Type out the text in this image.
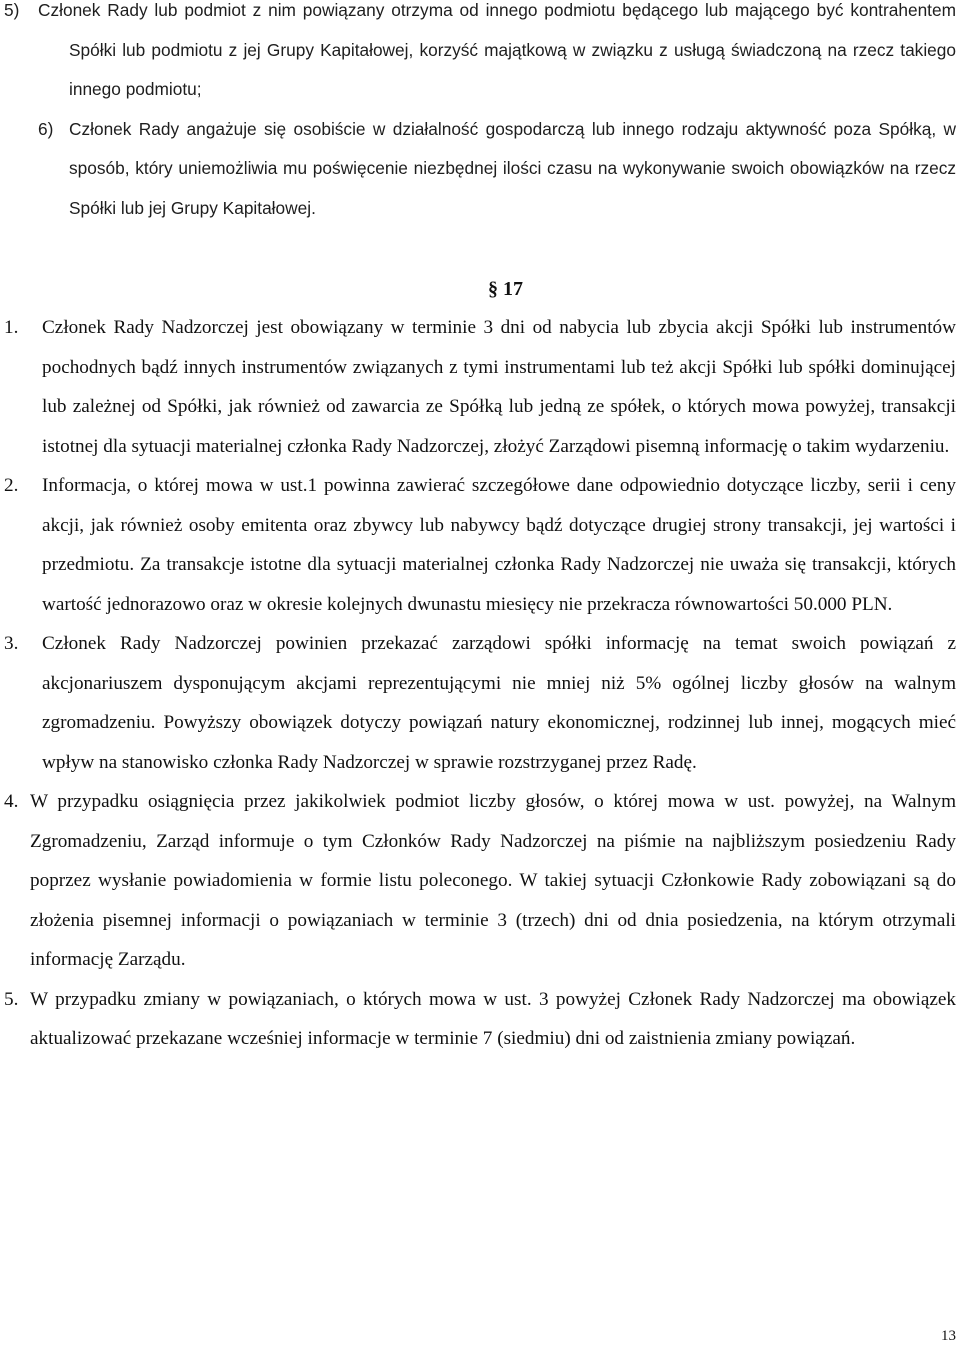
5) Członek Rady lub podmiot z nim powiązany otrzyma od innego podmiotu będącego lub mającego być kontrahentem Spółki lub podmiotu z jej Grupy Kapitałowej, korzyść majątkową w związku z usługą świadczoną na rzecz takiego innego podmiotu;
6) Członek Rady angażuje się osobiście w działalność gospodarczą lub innego rodzaju aktywność poza Spółką, w sposób, który uniemożliwia mu poświęcenie niezbędnej ilości czasu na wykonywanie swoich obowiązków na rzecz Spółki lub jej Grupy Kapitałowej.
§ 17
1. Członek Rady Nadzorczej jest obowiązany w terminie 3 dni od nabycia lub zbycia akcji Spółki lub instrumentów pochodnych bądź innych instrumentów związanych z tymi instrumentami lub też akcji Spółki lub spółki dominującej lub zależnej od Spółki, jak również od zawarcia ze Spółką lub jedną ze spółek, o których mowa powyżej, transakcji istotnej dla sytuacji materialnej członka Rady Nadzorczej, złożyć Zarządowi pisemną informację o takim wydarzeniu.
2. Informacja, o której mowa w ust.1 powinna zawierać szczegółowe dane odpowiednio dotyczące liczby, serii i ceny akcji, jak również osoby emitenta oraz zbywcy lub nabywcy bądź dotyczące drugiej strony transakcji, jej wartości i przedmiotu. Za transakcje istotne dla sytuacji materialnej członka Rady Nadzorczej nie uważa się transakcji, których wartość jednorazowo oraz w okresie kolejnych dwunastu miesięcy nie przekracza równowartości 50.000 PLN.
3. Członek Rady Nadzorczej powinien przekazać zarządowi spółki informację na temat swoich powiązań z akcjonariuszem dysponującym akcjami reprezentującymi nie mniej niż 5% ogólnej liczby głosów na walnym zgromadzeniu. Powyższy obowiązek dotyczy powiązań natury ekonomicznej, rodzinnej lub innej, mogących mieć wpływ na stanowisko członka Rady Nadzorczej w sprawie rozstrzyganej przez Radę.
4. W przypadku osiągnięcia przez jakikolwiek podmiot liczby głosów, o której mowa w ust. powyżej, na Walnym Zgromadzeniu, Zarząd informuje o tym Członków Rady Nadzorczej na piśmie na najbliższym posiedzeniu Rady poprzez wysłanie powiadomienia w formie listu poleconego. W takiej sytuacji Członkowie Rady zobowiązani są do złożenia pisemnej informacji o powiązaniach w terminie 3 (trzech) dni od dnia posiedzenia, na którym otrzymali informację Zarządu.
5. W przypadku zmiany w powiązaniach, o których mowa w ust. 3 powyżej Członek Rady Nadzorczej ma obowiązek aktualizować przekazane wcześniej informacje w terminie 7 (siedmiu) dni od zaistnienia zmiany powiązań.
13
